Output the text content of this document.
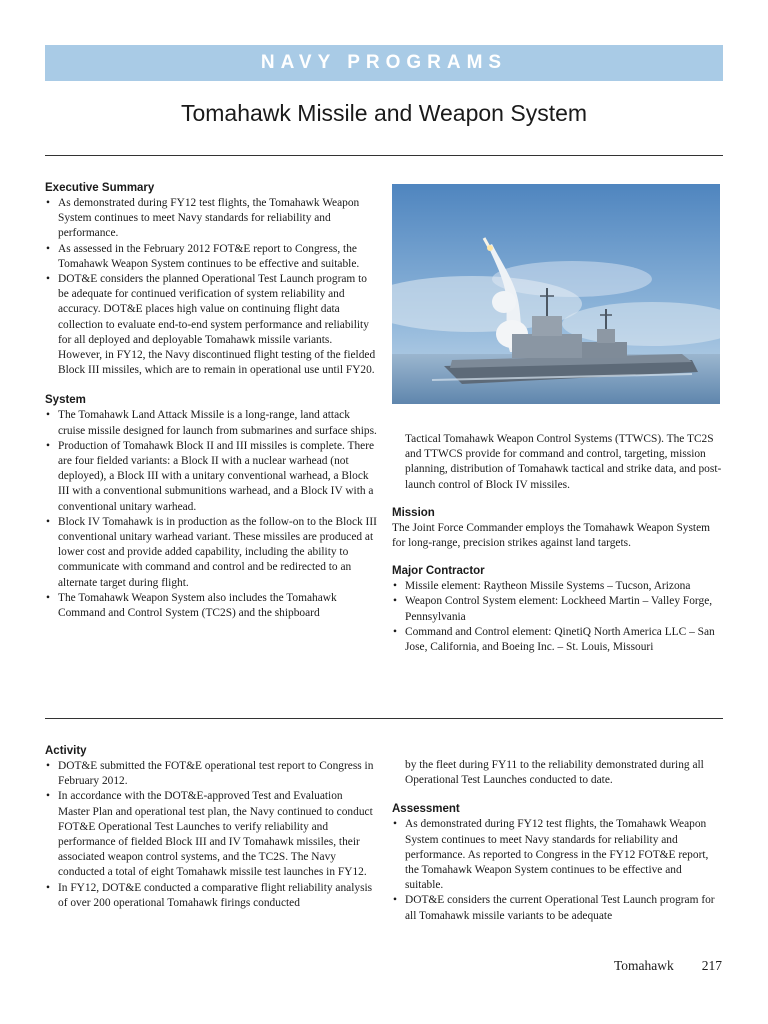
NAVY PROGRAMS
Tomahawk Missile and Weapon System
Executive Summary
• As demonstrated during FY12 test flights, the Tomahawk Weapon System continues to meet Navy standards for reliability and performance.
• As assessed in the February 2012 FOT&E report to Congress, the Tomahawk Weapon System continues to be effective and suitable.
• DOT&E considers the planned Operational Test Launch program to be adequate for continued verification of system reliability and accuracy. DOT&E places high value on continuing flight data collection to evaluate end-to-end system performance and reliability for all deployed and deployable Tomahawk missile variants. However, in FY12, the Navy discontinued flight testing of the fielded Block III missiles, which are to remain in operational use until FY20.
System
• The Tomahawk Land Attack Missile is a long-range, land attack cruise missile designed for launch from submarines and surface ships.
• Production of Tomahawk Block II and III missiles is complete. There are four fielded variants: a Block II with a nuclear warhead (not deployed), a Block III with a unitary conventional warhead, a Block III with a conventional submunitions warhead, and a Block IV with a conventional unitary warhead.
• Block IV Tomahawk is in production as the follow-on to the Block III conventional unitary warhead variant. These missiles are produced at lower cost and provide added capability, including the ability to communicate with command and control and be redirected to an alternate target during flight.
• The Tomahawk Weapon System also includes the Tomahawk Command and Control System (TC2S) and the shipboard

Tactical Tomahawk Weapon Control Systems (TTWCS). The TC2S and TTWCS provide for command and control, targeting, mission planning, distribution of Tomahawk tactical and strike data, and post-launch control of Block IV missiles.

Mission

The Joint Force Commander employs the Tomahawk Weapon System for long-range, precision strikes against land targets.

Major Contractor
• Missile element: Raytheon Missile Systems – Tucson, Arizona
• Weapon Control System element: Lockheed Martin – Valley Forge, Pennsylvania
• Command and Control element: QinetiQ North America LLC – San Jose, California, and Boeing Inc. – St. Louis, Missouri
Activity
• DOT&E submitted the FOT&E operational test report to Congress in February 2012.
• In accordance with the DOT&E-approved Test and Evaluation Master Plan and operational test plan, the Navy continued to conduct FOT&E Operational Test Launches to verify reliability and performance of fielded Block III and IV Tomahawk missiles, their associated weapon control systems, and the TC2S. The Navy conducted a total of eight Tomahawk missile test launches in FY12.
• In FY12, DOT&E conducted a comparative flight reliability analysis of over 200 operational Tomahawk firings conducted

by the fleet during FY11 to the reliability demonstrated during all Operational Test Launches conducted to date.

Assessment
• As demonstrated during FY12 test flights, the Tomahawk Weapon System continues to meet Navy standards for reliability and performance. As reported to Congress in the FY12 FOT&E report, the Tomahawk Weapon System continues to be effective and suitable.
• DOT&E considers the current Operational Test Launch program for all Tomahawk missile variants to be adequate
Tomahawk 217
